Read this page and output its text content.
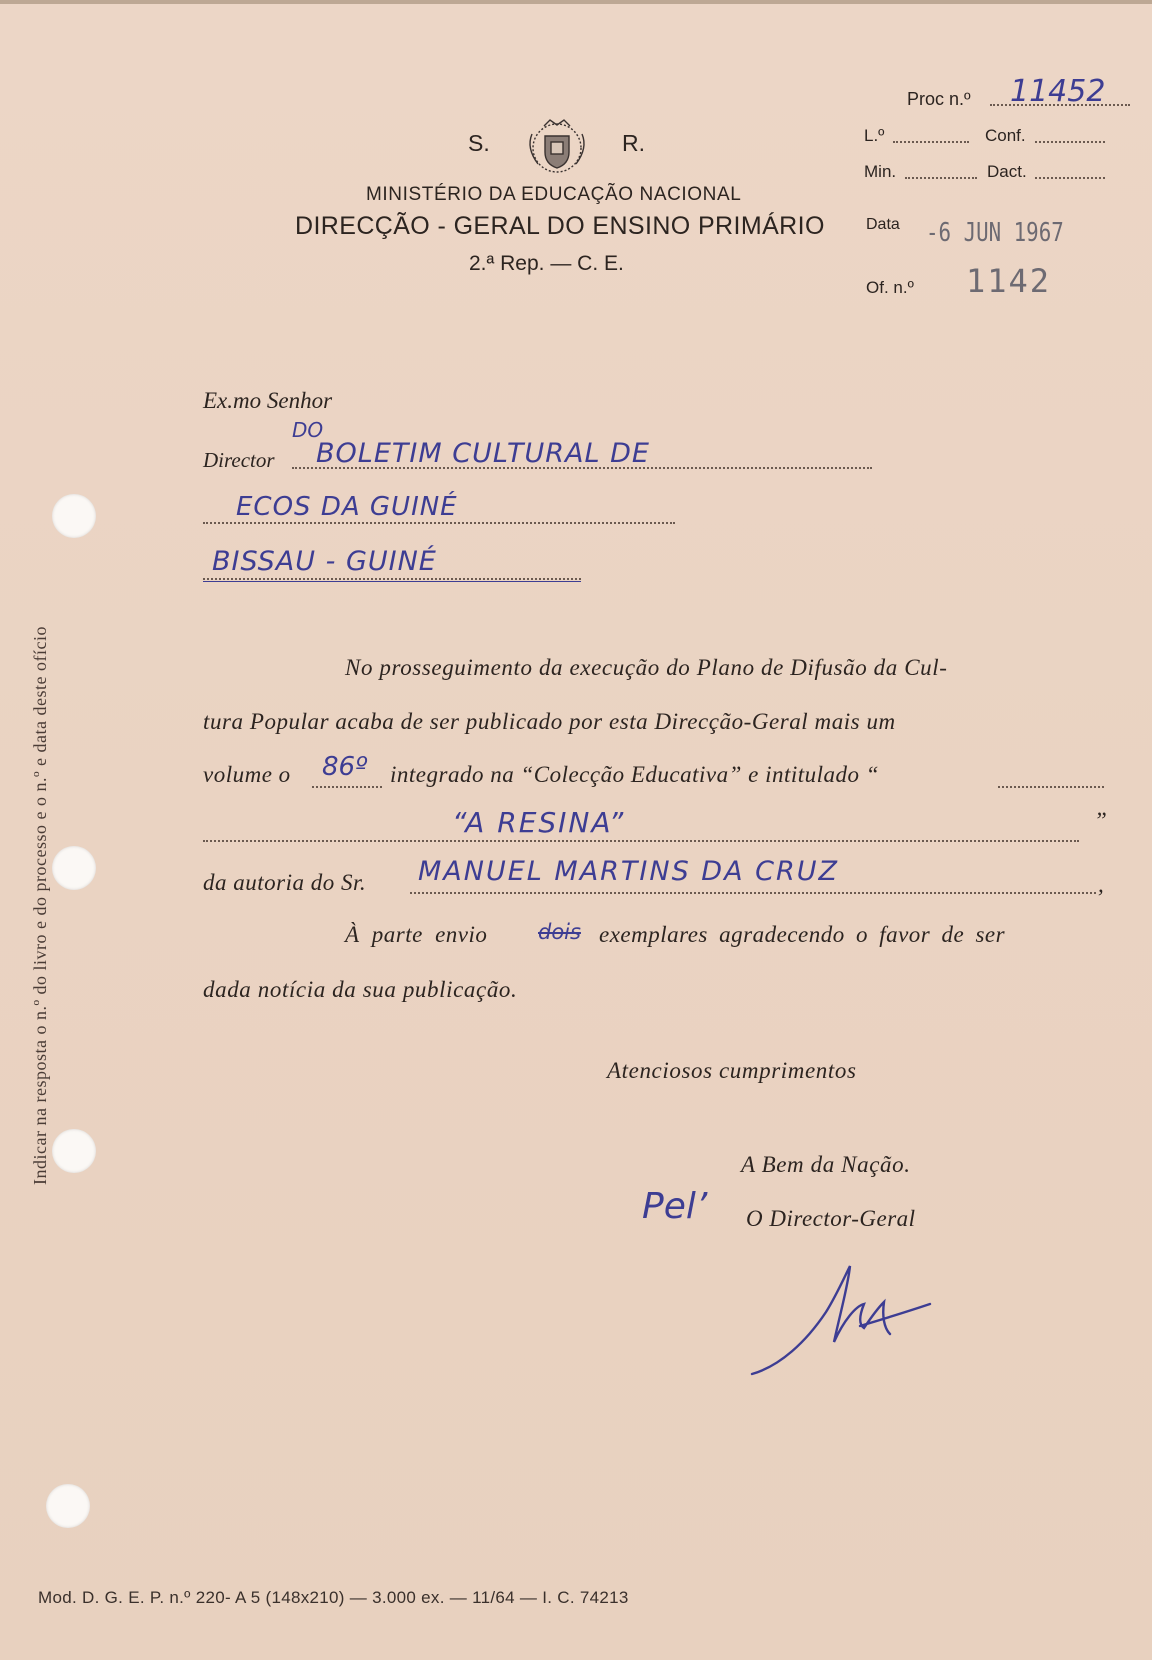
Indicar na resposta o n.º do livro e do processo e o n.º e data deste ofício
S.	R.
MINISTÉRIO DA EDUCAÇÃO NACIONAL
DIRECÇÃO - GERAL DO ENSINO PRIMÁRIO
2.ª Rep. — C. E.
Proc n.º 11452
L.º	Conf.
Min.	Dact.
Data -6 JUN 1967
Of. n.º 1142
Ex.mo Senhor
Director
DO
BOLETIM CULTURAL DE
ECOS DA GUINÉ
BISSAU - GUINÉ
No prosseguimento da execução do Plano de Difusão da Cul-
tura Popular acaba de ser publicado por esta Direcção-Geral mais um
volume o 86º integrado na “Colecção Educativa” e intitulado “
“A RESINA”	”
da autoria do Sr. MANUEL MARTINS DA CRUZ	,
À parte envio dois exemplares agradecendo o favor de ser
dada notícia da sua publicação.
Atenciosos cumprimentos
A Bem da Nação.
Pel’ O Director-Geral
Mod. D. G. E. P. n.º 220- A 5 (148x210) — 3.000 ex. — 11/64 — I. C. 74213
